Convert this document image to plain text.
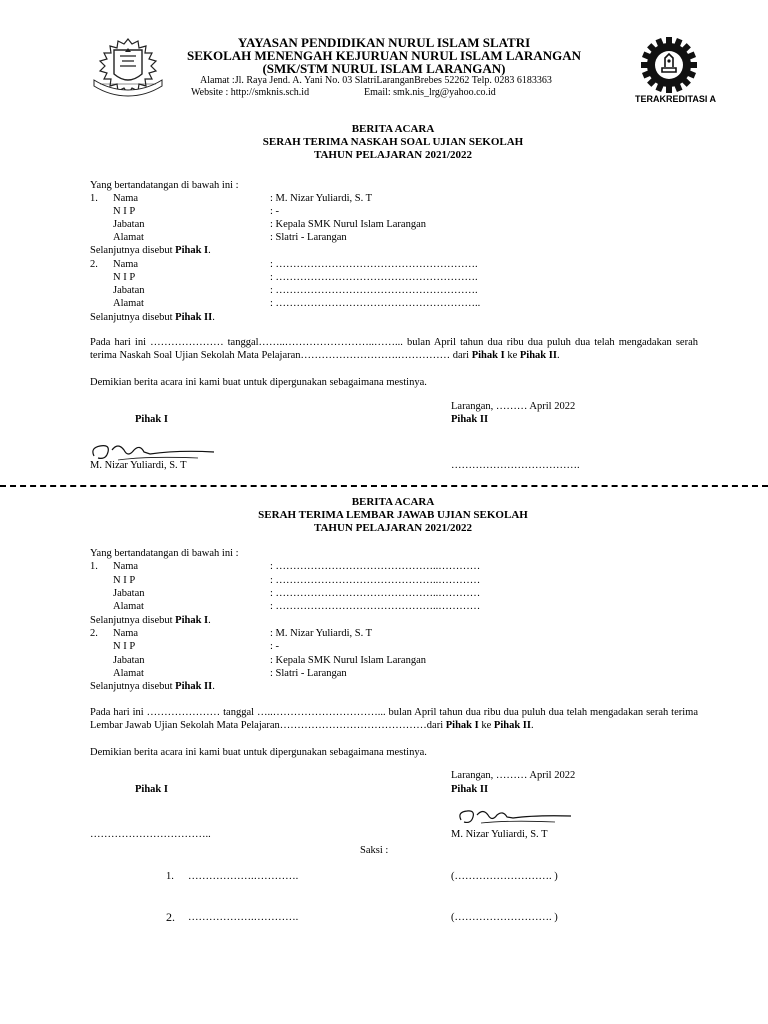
YAYASAN PENDIDIKAN NURUL ISLAM SLATRI
SEKOLAH MENENGAH KEJURUAN NURUL ISLAM LARANGAN
(SMK/STM NURUL ISLAM LARANGAN)
Alamat :Jl. Raya Jend. A. Yani No. 03 SlatriLaranganBrebes 52262 Telp. 0283 6183363
Website : http://smknis.sch.id	Email: smk.nis_lrg@yahoo.co.id
TERAKREDITASI A
BERITA ACARA
SERAH TERIMA NASKAH SOAL UJIAN SEKOLAH
TAHUN PELAJARAN 2021/2022
Yang bertandatangan di bawah ini :
1. Nama	: M. Nizar Yuliardi, S. T
N I P	: -
Jabatan	: Kepala SMK Nurul Islam Larangan
Alamat	: Slatri - Larangan
Selanjutnya disebut Pihak I.
2. Nama	: ………………………………………………….
N I P	: ………………………………………………….
Jabatan	: ………………………………………………….
Alamat	: …………………………………………………..
Selanjutnya disebut Pihak II.
Pada hari ini ………………… tanggal……..……………………..……... bulan April tahun dua ribu dua puluh dua telah mengadakan serah terima Naskah Soal Ujian Sekolah Mata Pelajaran……………………….…………… dari Pihak I ke Pihak II.
Demikian berita acara ini kami buat untuk dipergunakan sebagaimana mestinya.
Larangan, ……… April 2022
Pihak I	Pihak II
M. Nizar Yuliardi, S. T	……………………………….
BERITA ACARA
SERAH TERIMA LEMBAR JAWAB UJIAN SEKOLAH
TAHUN PELAJARAN 2021/2022
Yang bertandatangan di bawah ini :
1. Nama	: ………………………………………..…………
N I P	: ………………………………………..…………
Jabatan	: ………………………………………..…………
Alamat	: ………………………………………..…………
Selanjutnya disebut Pihak I.
2. Nama	: M. Nizar Yuliardi, S. T
N I P	: -
Jabatan	: Kepala SMK Nurul Islam Larangan
Alamat	: Slatri - Larangan
Selanjutnya disebut Pihak II.
Pada hari ini ………………… tanggal …..…………………………... bulan April tahun dua ribu dua puluh dua telah mengadakan serah terima Lembar Jawab Ujian Sekolah Mata Pelajaran……………………………………dari Pihak I ke Pihak II.
Demikian berita acara ini kami buat untuk dipergunakan sebagaimana mestinya.
Larangan, ……… April 2022
Pihak I	Pihak II
……………………………..	M. Nizar Yuliardi, S. T
Saksi :
1. ……………….………….	(………………………. )
2. ……………….………….	(………………………. )
